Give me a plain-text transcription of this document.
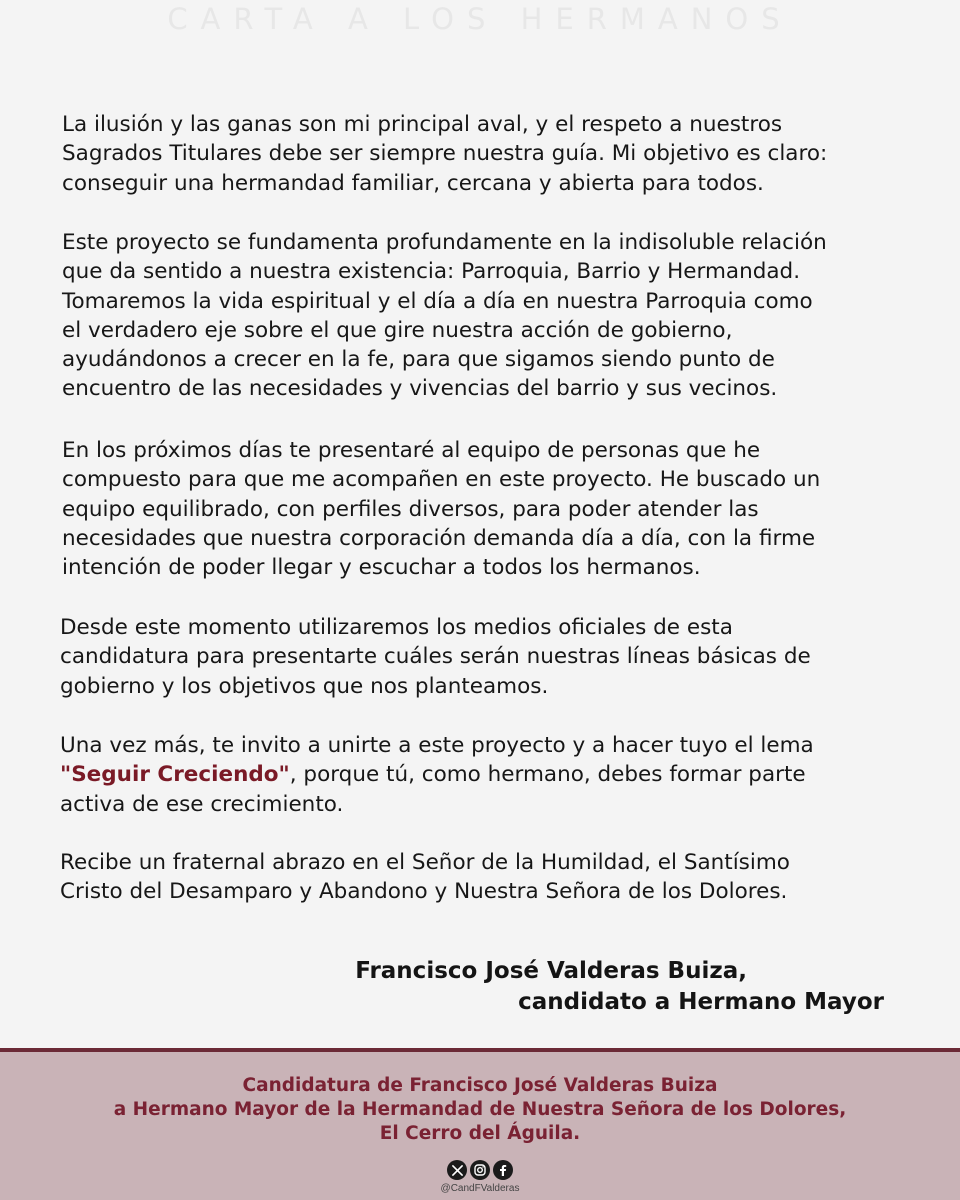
CARTA A LOS HERMANOS

La ilusión y las ganas son mi principal aval, y el respeto a nuestros
Sagrados Titulares debe ser siempre nuestra guía. Mi objetivo es claro:
conseguir una hermandad familiar, cercana y abierta para todos.

Este proyecto se fundamenta profundamente en la indisoluble relación
que da sentido a nuestra existencia: Parroquia, Barrio y Hermandad.
Tomaremos la vida espiritual y el día a día en nuestra Parroquia como
el verdadero eje sobre el que gire nuestra acción de gobierno,
ayudándonos a crecer en la fe, para que sigamos siendo punto de
encuentro de las necesidades y vivencias del barrio y sus vecinos.

En los próximos días te presentaré al equipo de personas que he
compuesto para que me acompañen en este proyecto. He buscado un
equipo equilibrado, con perfiles diversos, para poder atender las
necesidades que nuestra corporación demanda día a día, con la firme
intención de poder llegar y escuchar a todos los hermanos.

Desde este momento utilizaremos los medios oficiales de esta
candidatura para presentarte cuáles serán nuestras líneas básicas de
gobierno y los objetivos que nos planteamos.

Una vez más, te invito a unirte a este proyecto y a hacer tuyo el lema
"Seguir Creciendo", porque tú, como hermano, debes formar parte
activa de ese crecimiento.

Recibe un fraternal abrazo en el Señor de la Humildad, el Santísimo
Cristo del Desamparo y Abandono y Nuestra Señora de los Dolores.

Francisco José Valderas Buiza,
candidato a Hermano Mayor
Candidatura de Francisco José Valderas Buiza
a Hermano Mayor de la Hermandad de Nuestra Señora de los Dolores,
El Cerro del Águila.
@CandFValderas
